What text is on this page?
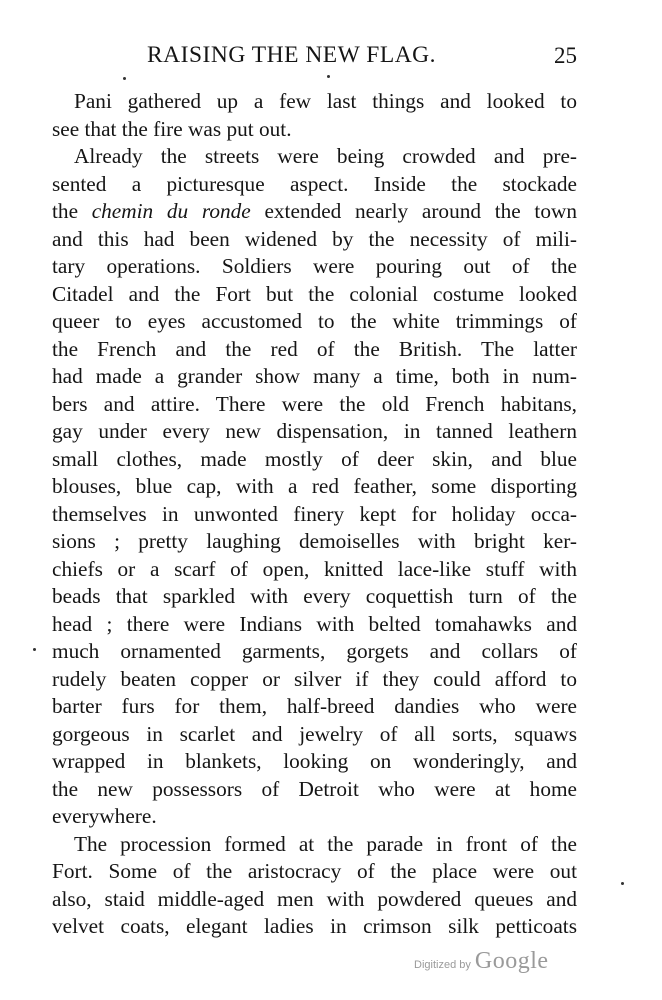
RAISING THE NEW FLAG.	25
Pani gathered up a few last things and looked to
see that the fire was put out.
Already the streets were being crowded and pre-
sented a picturesque aspect. Inside the stockade
the chemin du ronde extended nearly around the town
and this had been widened by the necessity of mili-
tary operations. Soldiers were pouring out of the
Citadel and the Fort but the colonial costume looked
queer to eyes accustomed to the white trimmings of
the French and the red of the British. The latter
had made a grander show many a time, both in num-
bers and attire. There were the old French habitans,
gay under every new dispensation, in tanned leathern
small clothes, made mostly of deer skin, and blue
blouses, blue cap, with a red feather, some disporting
themselves in unwonted finery kept for holiday occa-
sions ; pretty laughing demoiselles with bright ker-
chiefs or a scarf of open, knitted lace-like stuff with
beads that sparkled with every coquettish turn of the
head ; there were Indians with belted tomahawks and
much ornamented garments, gorgets and collars of
rudely beaten copper or silver if they could afford to
barter furs for them, half-breed dandies who were
gorgeous in scarlet and jewelry of all sorts, squaws
wrapped in blankets, looking on wonderingly, and
the new possessors of Detroit who were at home
everywhere.
The procession formed at the parade in front of the
Fort. Some of the aristocracy of the place were out
also, staid middle-aged men with powdered queues and
velvet coats, elegant ladies in crimson silk petticoats
Digitized by Google
